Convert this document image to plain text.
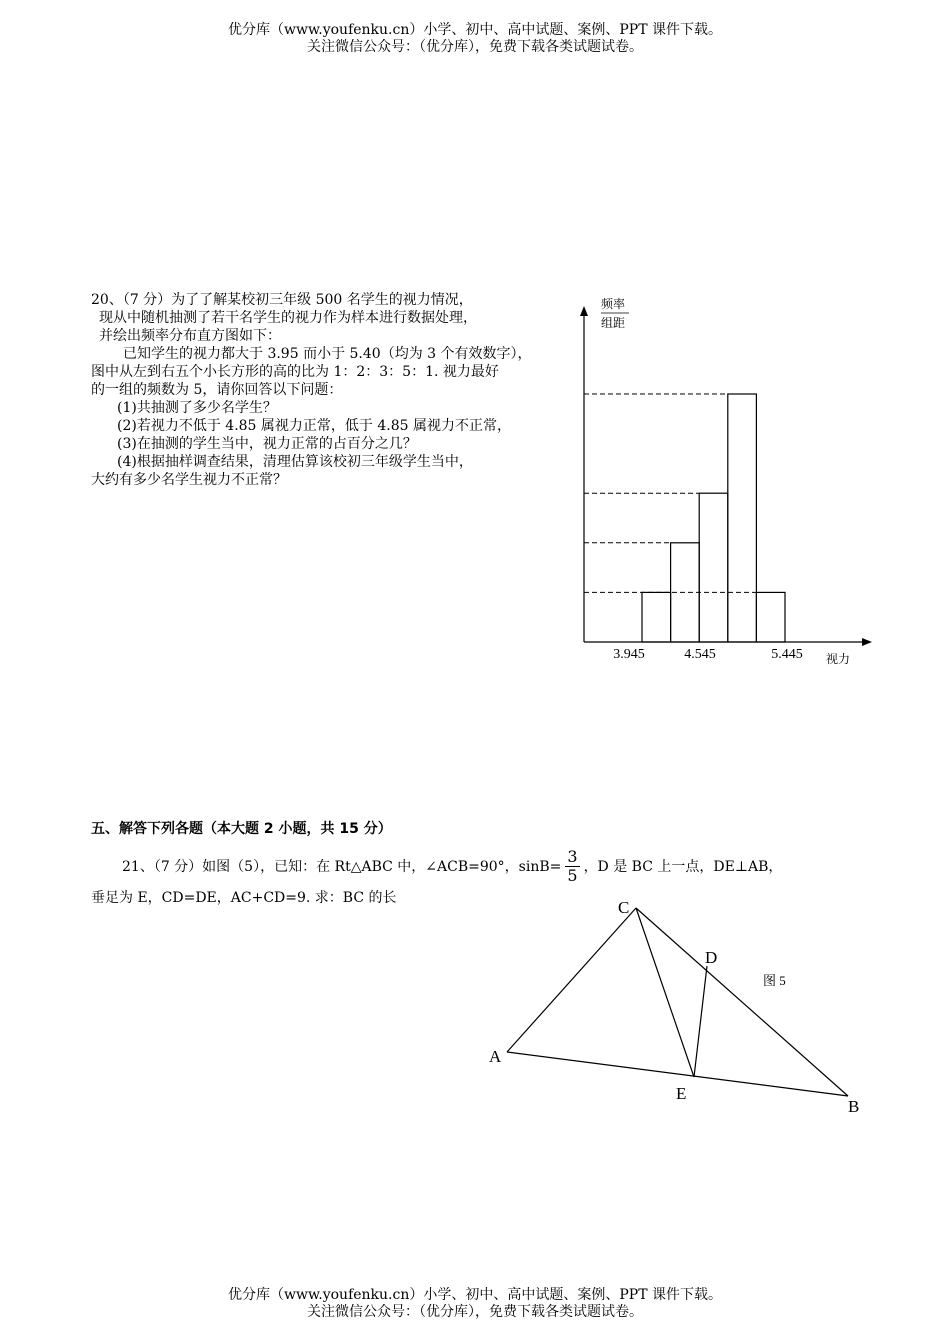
优分库（www.youfenku.cn）小学、初中、高中试题、案例、PPT 课件下载。
关注微信公众号：（优分库），免费下载各类试题试卷。
20、（7 分）为了了解某校初三年级 500 名学生的视力情况，
现从中随机抽测了若干名学生的视力作为样本进行数据处理，
并绘出频率分布直方图如下：
已知学生的视力都大于 3.95 而小于 5.40（均为 3 个有效数字），
图中从左到右五个小长方形的高的比为 1：2：3：5：1. 视力最好
的一组的频数为 5，请你回答以下问题：
(1)共抽测了多少名学生？
(2)若视力不低于 4.85 属视力正常，低于 4.85 属视力不正常，
(3)在抽测的学生当中，视力正常的占百分之几？
(4)根据抽样调查结果，清理估算该校初三年级学生当中，
大约有多少名学生视力不正常？
频率
组距
视力
3.945	4.545	5.445
五、解答下列各题（本大题 2 小题，共 15 分）
21、（7 分）如图（5），已知：在 Rt△ABC 中，∠ACB=90°，$\sin B= \frac{3}{5}$ ，D 是 BC 上一点，DE⊥AB，
垂足为 E，CD=DE，AC+CD=9. 求：BC 的长	C
D
A
E
B
图 5
优分库（www.youfenku.cn）小学、初中、高中试题、案例、PPT 课件下载。
关注微信公众号：（优分库），免费下载各类试题试卷。
